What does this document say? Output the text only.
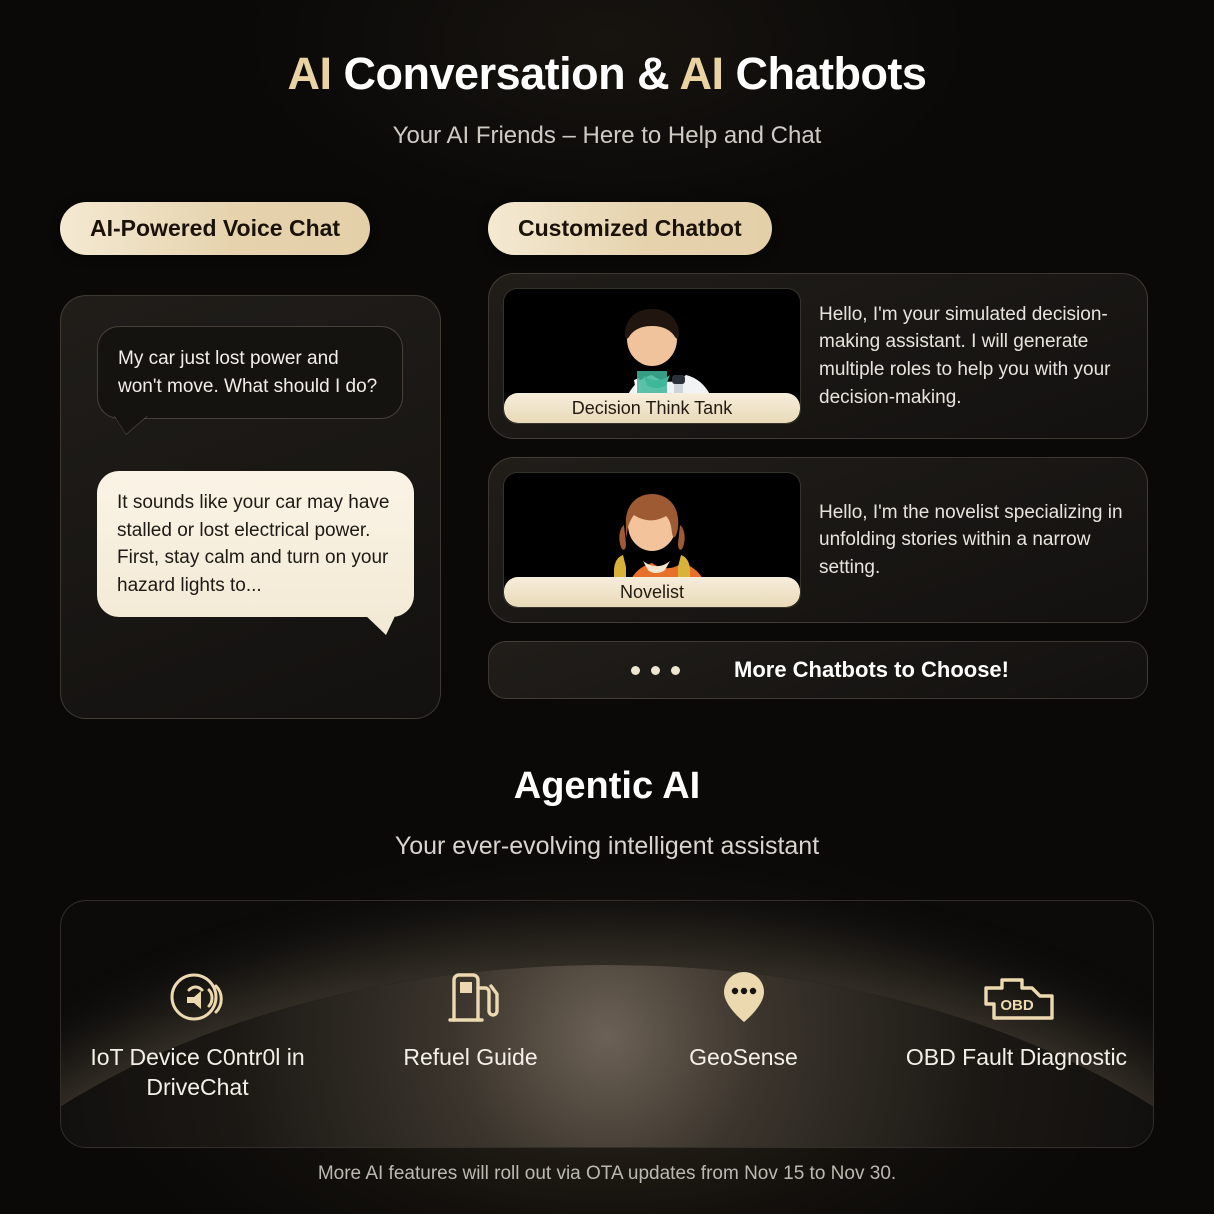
AI Conversation & AI Chatbots
Your AI Friends – Here to Help and Chat
AI-Powered Voice Chat
My car just lost power and won't move. What should I do?
It sounds like your car may have stalled or lost electrical power. First, stay calm and turn on your hazard lights to...
Customized Chatbot
Decision Think Tank
Hello, I'm your simulated decision-making assistant. I will generate multiple roles to help you with your decision-making.
Novelist
Hello, I'm the novelist specializing in unfolding stories within a narrow setting.
More Chatbots to Choose!
Agentic AI
Your ever-evolving intelligent assistant
IoT Device C0ntr0l in DriveChat
Refuel Guide	GeoSense
OBD
OBD Fault Diagnostic
More AI features will roll out via OTA updates from Nov 15 to Nov 30.
